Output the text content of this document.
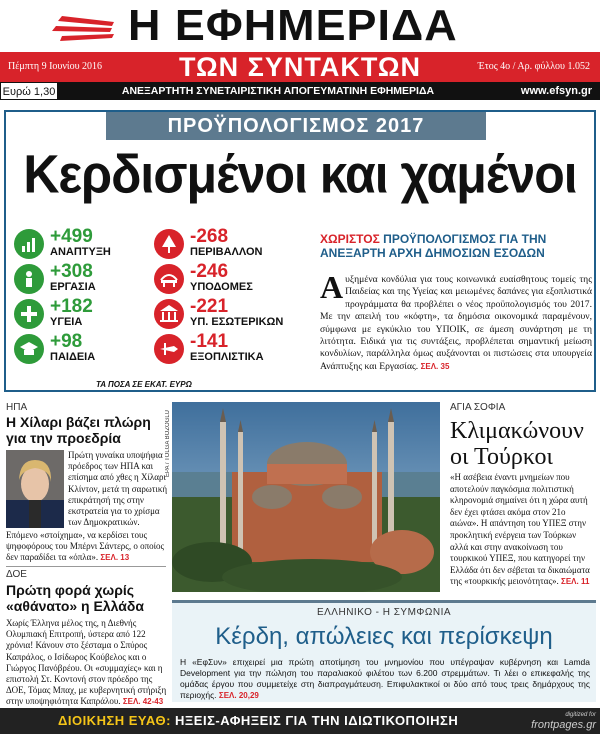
Η ΕΦΗΜΕΡΙΔΑ
Πέμπτη 9 Ιουνίου 2016	ΤΩΝ ΣΥΝΤΑΚΤΩΝ	Έτος 4ο / Αρ. φύλλου 1.052
Ευρώ 1,30	ΑΝΕΞΑΡΤΗΤΗ ΣΥΝΕΤΑΙΡΙΣΤΙΚΗ ΑΠΟΓΕΥΜΑΤΙΝΗ ΕΦΗΜΕΡΙΔΑ	www.efsyn.gr
ΠΡΟΫΠΟΛΟΓΙΣΜΟΣ 2017
Κερδισμένοι και χαμένοι
+499
ΑΝΑΠΤΥΞΗ
+308
ΕΡΓΑΣΙΑ
+182
ΥΓΕΙΑ
+98
ΠΑΙΔΕΙΑ
-268
ΠΕΡΙΒΑΛΛΟΝ
-246
ΥΠΟΔΟΜΕΣ
-221
ΥΠ. ΕΣΩΤΕΡΙΚΩΝ
-141
ΕΞΟΠΛΙΣΤΙΚΑ
ΤΑ ΠΟΣΑ ΣΕ ΕΚΑΤ. ΕΥΡΩ
ΧΩΡΙΣΤΟΣ ΠΡΟΫΠΟΛΟΓΙΣΜΟΣ ΓΙΑ ΤΗΝ ΑΝΕΞΑΡΤΗ ΑΡΧΗ ΔΗΜΟΣΙΩΝ ΕΣΟΔΩΝ
Αυξημένα κονδύλια για τους κοινωνικά ευαίσθητους τομείς της Παιδείας και της Υγείας και μειωμένες δαπάνες για εξοπλιστικά προγράμματα θα προβλέπει ο νέος προϋπολογισμός του 2017. Με την απειλή του «κόφτη», τα δημόσια οικονομικά παραμένουν, σύμφωνα με εγκύκλιο του ΥΠΟΙΚ, σε άμεση συνάρτηση με τη λιτότητα. Ειδικά για τις συντάξεις, προβλέπεται σημαντική μείωση κονδυλίων, παράλληλα όμως αυξάνονται οι πιστώσεις στα υπουργεία Ανάπτυξης και Εργασίας. ΣΕΛ. 35
ΗΠΑ
Η Χίλαρι βάζει πλώρη για την προεδρία
Πρώτη γυναίκα υποψήφια πρόεδρος των ΗΠΑ και επίσημα από χθες η Χίλαρι Κλίντον, μετά τη σαρωτική επικράτησή της στην εκστρατεία για το χρίσμα των Δημοκρατικών.
Επόμενο «στοίχημα», να κερδίσει τους ψηφοφόρους του Μπέρνι Σάντερς, ο οποίος δεν παραδίδει τα «όπλα». ΣΕΛ. 13
ΔΟΕ
Πρώτη φορά χωρίς «αθάνατο» η Ελλάδα
Χωρίς Έλληνα μέλος της, η Διεθνής Ολυμπιακή Επιτροπή, ύστερα από 122 χρόνια! Κάνουν στο ξέσταμα ο Σπύρος Καπράλος, ο Ισίδωρος Κούβελος και ο Γιώργος Πανόβρέου. Οι «συμμαχίες» και η επιστολή Στ. Κοντονή στον πρόεδρο της ΔΟΕ, Τόμας Μπαχ, με κυβερνητική στήριξη στην υποψηφιότητα Καπράλου. ΣΕΛ. 42-43
EPA / TOLGA BOZOGLU
ΑΓΙΑ ΣΟΦΙΑ
Κλιμακώνουν οι Τούρκοι
«Η ασέβεια έναντι μνημείων που αποτελούν παγκόσμια πολιτιστική κληρονομιά σημαίνει ότι η χώρα αυτή δεν έχει φτάσει ακόμα στον 21ο αιώνα». Η απάντηση του ΥΠΕΞ στην προκλητική ενέργεια των Τούρκων αλλά και στην ανακοίνωση του τουρκικού ΥΠΕΞ, που κατηγορεί την Ελλάδα ότι δεν σέβεται τα δικαιώματα της «τουρκικής μειονότητας». ΣΕΛ. 11
ΕΛΛΗΝΙΚΟ - Η ΣΥΜΦΩΝΙΑ
Κέρδη, απώλειες και περίσκεψη
Η «ΕφΣυν» επιχειρεί μια πρώτη αποτίμηση του μνημονίου που υπέγραψαν κυβέρνηση και Lamda Development για την πώληση του παραλιακού φιλέτου των 6.200 στρεμμάτων. Τι λέει ο επικεφαλής της ομάδας έργου που συμμετείχε στη διαπραγμάτευση. Επιφυλακτικοί οι δύο από τους τρεις δημάρχους της περιοχής. ΣΕΛ. 20,29
ΔΙΟΙΚΗΣΗ ΕΥΑΘ: ΗΞΕΙΣ-ΑΦΗΞΕΙΣ ΓΙΑ ΤΗΝ ΙΔΙΩΤΙΚΟΠΟΙΗΣΗ	digitized for
frontpages.gr
